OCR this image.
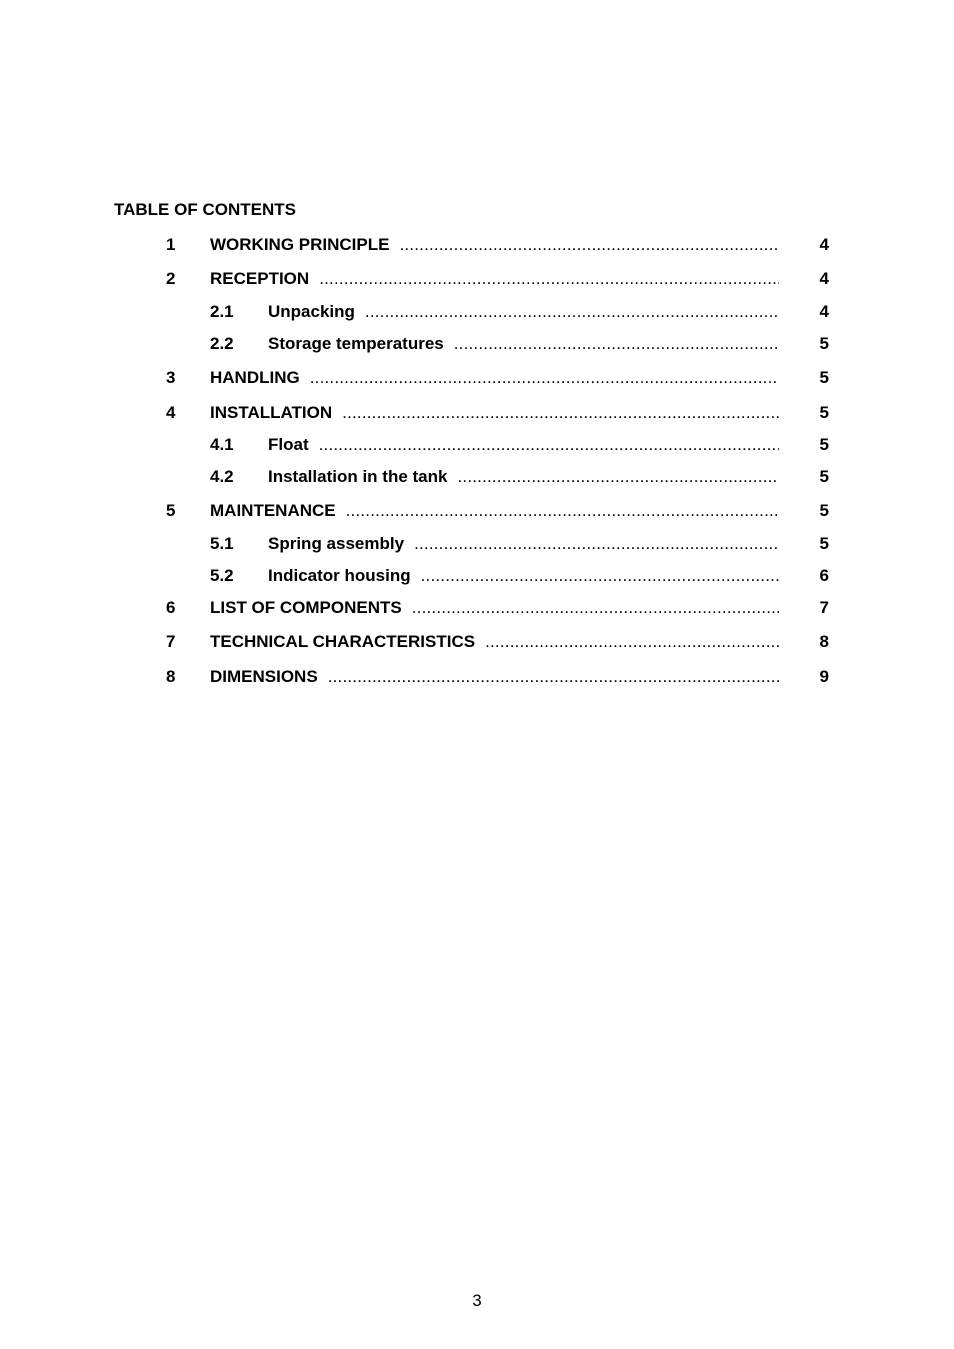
TABLE OF CONTENTS
1 WORKING PRINCIPLE .....	4
2 RECEPTION .....	4
2.1 Unpacking .....	4
2.2 Storage temperatures .....	5
3 HANDLING .....	5
4 INSTALLATION .....	5
4.1 Float .....	5
4.2 Installation in the tank .....	5
5 MAINTENANCE .....	5
5.1 Spring assembly .....	5
5.2 Indicator housing .....	6
6 LIST OF COMPONENTS .....	7
7 TECHNICAL CHARACTERISTICS .....	8
8 DIMENSIONS .....	9
3
